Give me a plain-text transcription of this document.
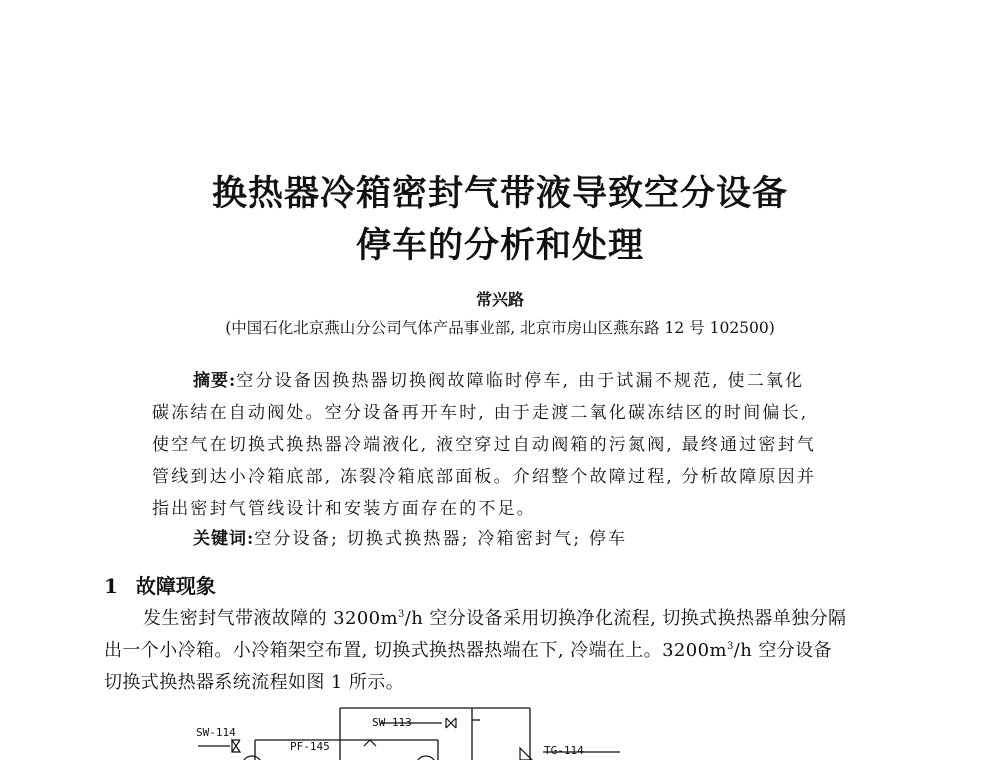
换热器冷箱密封气带液导致空分设备
停车的分析和处理

常兴路

(中国石化北京燕山分公司气体产品事业部, 北京市房山区燕东路 12 号 102500)

摘要:空分设备因换热器切换阀故障临时停车, 由于试漏不规范, 使二氧化

碳冻结在自动阀处。空分设备再开车时, 由于走渡二氧化碳冻结区的时间偏长,

使空气在切换式换热器冷端液化, 液空穿过自动阀箱的污氮阀, 最终通过密封气

管线到达小冷箱底部, 冻裂冷箱底部面板。介绍整个故障过程, 分析故障原因并

指出密封气管线设计和安装方面存在的不足。

关键词:空分设备; 切换式换热器; 冷箱密封气; 停车

1 故障现象

发生密封气带液故障的 $3200m^3/h$ 空分设备采用切换净化流程, 切换式换热器单独分隔

出一个小冷箱。小冷箱架空布置, 切换式换热器热端在下, 冷端在上。$3200m^3/h$ 空分设备

切换式换热器系统流程如图 1 所示。

SW-114
SW-113
PF-145	TG-114
